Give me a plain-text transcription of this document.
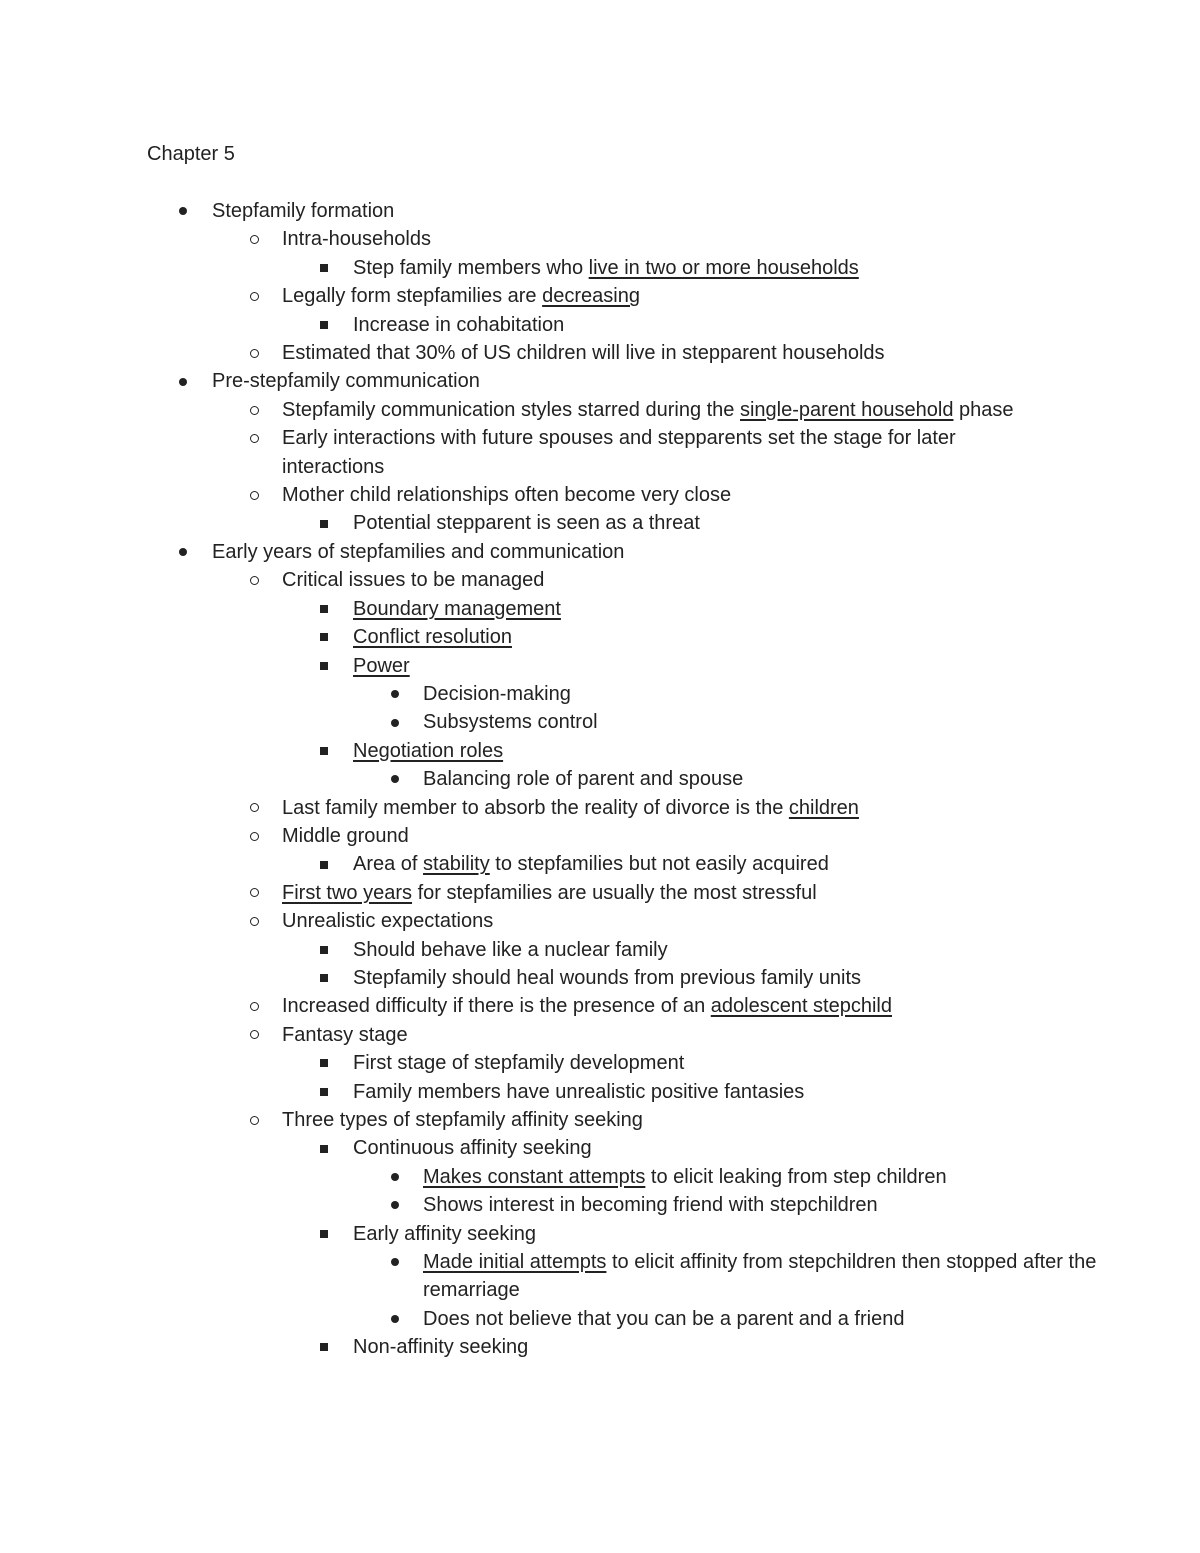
Chapter 5
Stepfamily formation
Intra-households
Step family members who live in two or more households
Legally form stepfamilies are decreasing
Increase in cohabitation
Estimated that 30% of US children will live in stepparent households
Pre-stepfamily communication
Stepfamily communication styles starred during the single-parent household phase
Early interactions with future spouses and stepparents set the stage for later interactions
Mother child relationships often become very close
Potential stepparent is seen as a threat
Early years of stepfamilies and communication
Critical issues to be managed
Boundary management
Conflict resolution
Power
Decision-making
Subsystems control
Negotiation roles
Balancing role of parent and spouse
Last family member to absorb the reality of divorce is the children
Middle ground
Area of stability to stepfamilies but not easily acquired
First two years for stepfamilies are usually the most stressful
Unrealistic expectations
Should behave like a nuclear family
Stepfamily should heal wounds from previous family units
Increased difficulty if there is the presence of an adolescent stepchild
Fantasy stage
First stage of stepfamily development
Family members have unrealistic positive fantasies
Three types of stepfamily affinity seeking
Continuous affinity seeking
Makes constant attempts to elicit leaking from step children
Shows interest in becoming friend with stepchildren
Early affinity seeking
Made initial attempts to elicit affinity from stepchildren then stopped after the remarriage
Does not believe that you can be a parent and a friend
Non-affinity seeking
